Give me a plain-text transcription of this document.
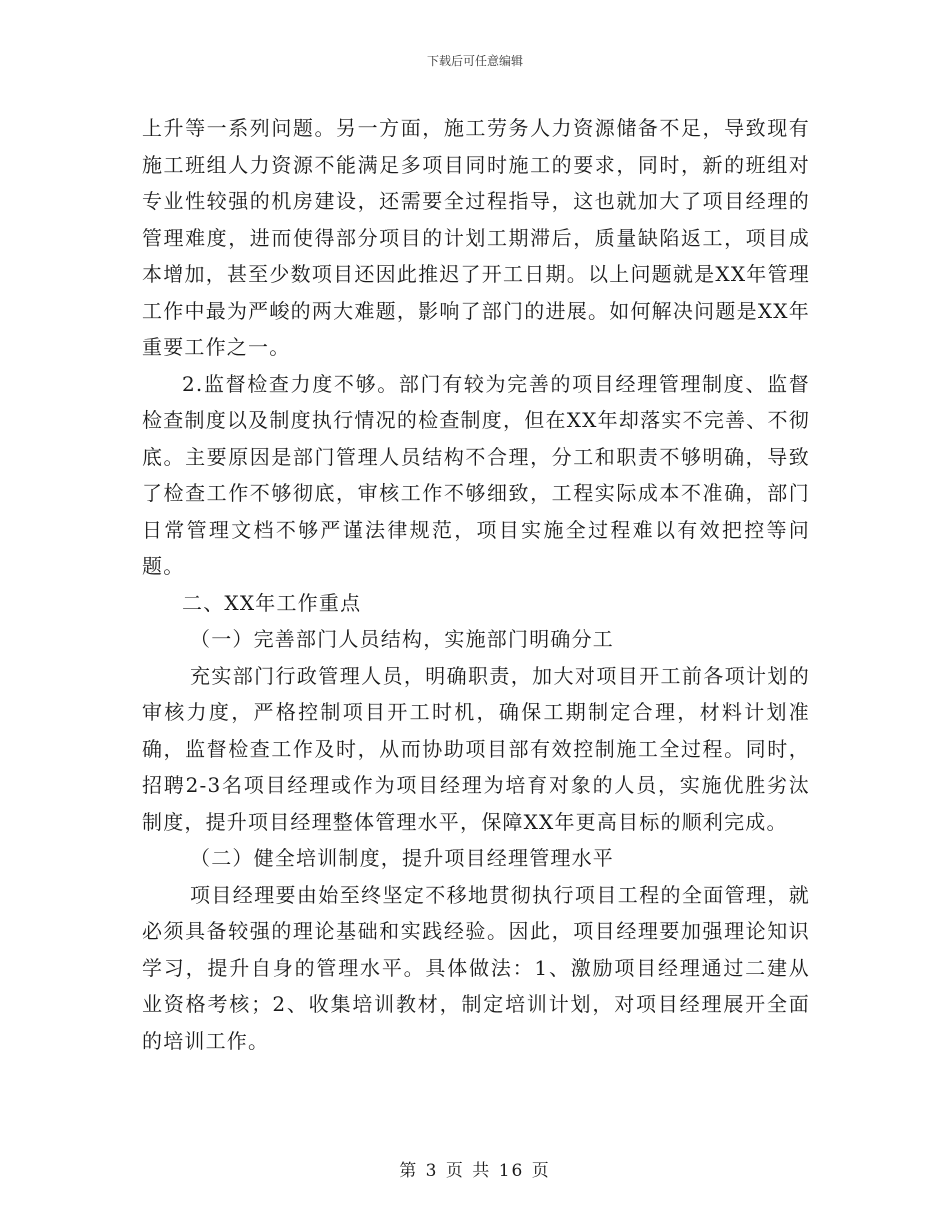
下载后可任意编辑

上升等一系列问题。另一方面，施工劳务人力资源储备不足，导致现有施工班组人力资源不能满足多项目同时施工的要求，同时，新的班组对专业性较强的机房建设，还需要全过程指导，这也就加大了项目经理的管理难度，进而使得部分项目的计划工期滞后，质量缺陷返工，项目成本增加，甚至少数项目还因此推迟了开工日期。以上问题就是XX年管理工作中最为严峻的两大难题，影响了部门的进展。如何解决问题是XX年重要工作之一。

2.监督检查力度不够。部门有较为完善的项目经理管理制度、监督检查制度以及制度执行情况的检查制度，但在XX年却落实不完善、不彻底。主要原因是部门管理人员结构不合理，分工和职责不够明确，导致了检查工作不够彻底，审核工作不够细致，工程实际成本不准确，部门日常管理文档不够严谨法律规范，项目实施全过程难以有效把控等问题。

二、XX年工作重点

（一）完善部门人员结构，实施部门明确分工

充实部门行政管理人员，明确职责，加大对项目开工前各项计划的审核力度，严格控制项目开工时机，确保工期制定合理，材料计划准确，监督检查工作及时，从而协助项目部有效控制施工全过程。同时，招聘2-3名项目经理或作为项目经理为培育对象的人员，实施优胜劣汰制度，提升项目经理整体管理水平，保障XX年更高目标的顺利完成。

（二）健全培训制度，提升项目经理管理水平

项目经理要由始至终坚定不移地贯彻执行项目工程的全面管理，就必须具备较强的理论基础和实践经验。因此，项目经理要加强理论知识学习，提升自身的管理水平。具体做法：1、激励项目经理通过二建从业资格考核；2、收集培训教材，制定培训计划，对项目经理展开全面的培训工作。

第 3 页 共 16 页
